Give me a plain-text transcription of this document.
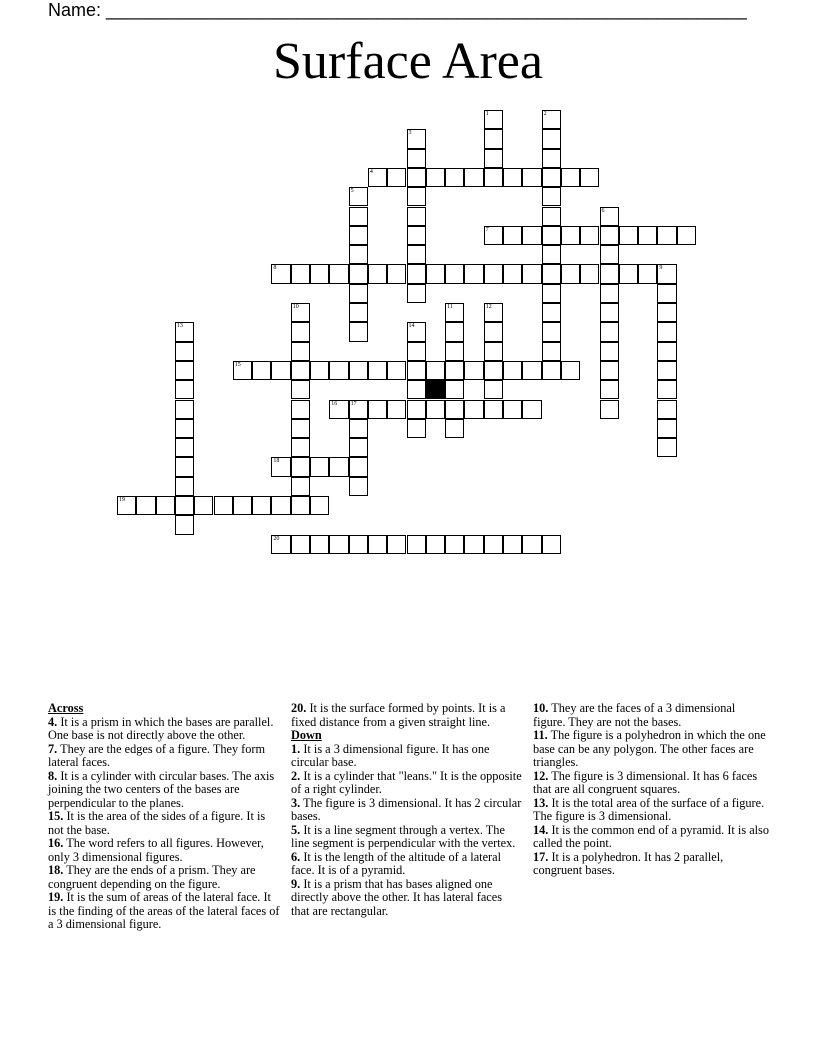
Name: ________________________________________________________________
Surface Area
1	2
3
4
5
6
7
8	9
10	11	12
13	14
15
16 17
18
19
20
Across
4. It is a prism in which the bases are parallel. One base is not directly above the other.
7. They are the edges of a figure. They form lateral faces.
8. It is a cylinder with circular bases. The axis joining the two centers of the bases are perpendicular to the planes.
15. It is the area of the sides of a figure. It is not the base.
16. The word refers to all figures. However, only 3 dimensional figures.
18. They are the ends of a prism. They are congruent depending on the figure.
19. It is the sum of areas of the lateral face. It is the finding of the areas of the lateral faces of a 3 dimensional figure.
20. It is the surface formed by points. It is a fixed distance from a given straight line.
Down
1. It is a 3 dimensional figure. It has one circular base.
2. It is a cylinder that "leans." It is the opposite of a right cylinder.
3. The figure is 3 dimensional. It has 2 circular bases.
5. It is a line segment through a vertex. The line segment is perpendicular with the vertex.
6. It is the length of the altitude of a lateral face. It is of a pyramid.
9. It is a prism that has bases aligned one directly above the other. It has lateral faces that are rectangular.
10. They are the faces of a 3 dimensional figure. They are not the bases.
11. The figure is a polyhedron in which the one base can be any polygon. The other faces are triangles.
12. The figure is 3 dimensional. It has 6 faces that are all congruent squares.
13. It is the total area of the surface of a figure. The figure is 3 dimensional.
14. It is the common end of a pyramid. It is also called the point.
17. It is a polyhedron. It has 2 parallel, congruent bases.
